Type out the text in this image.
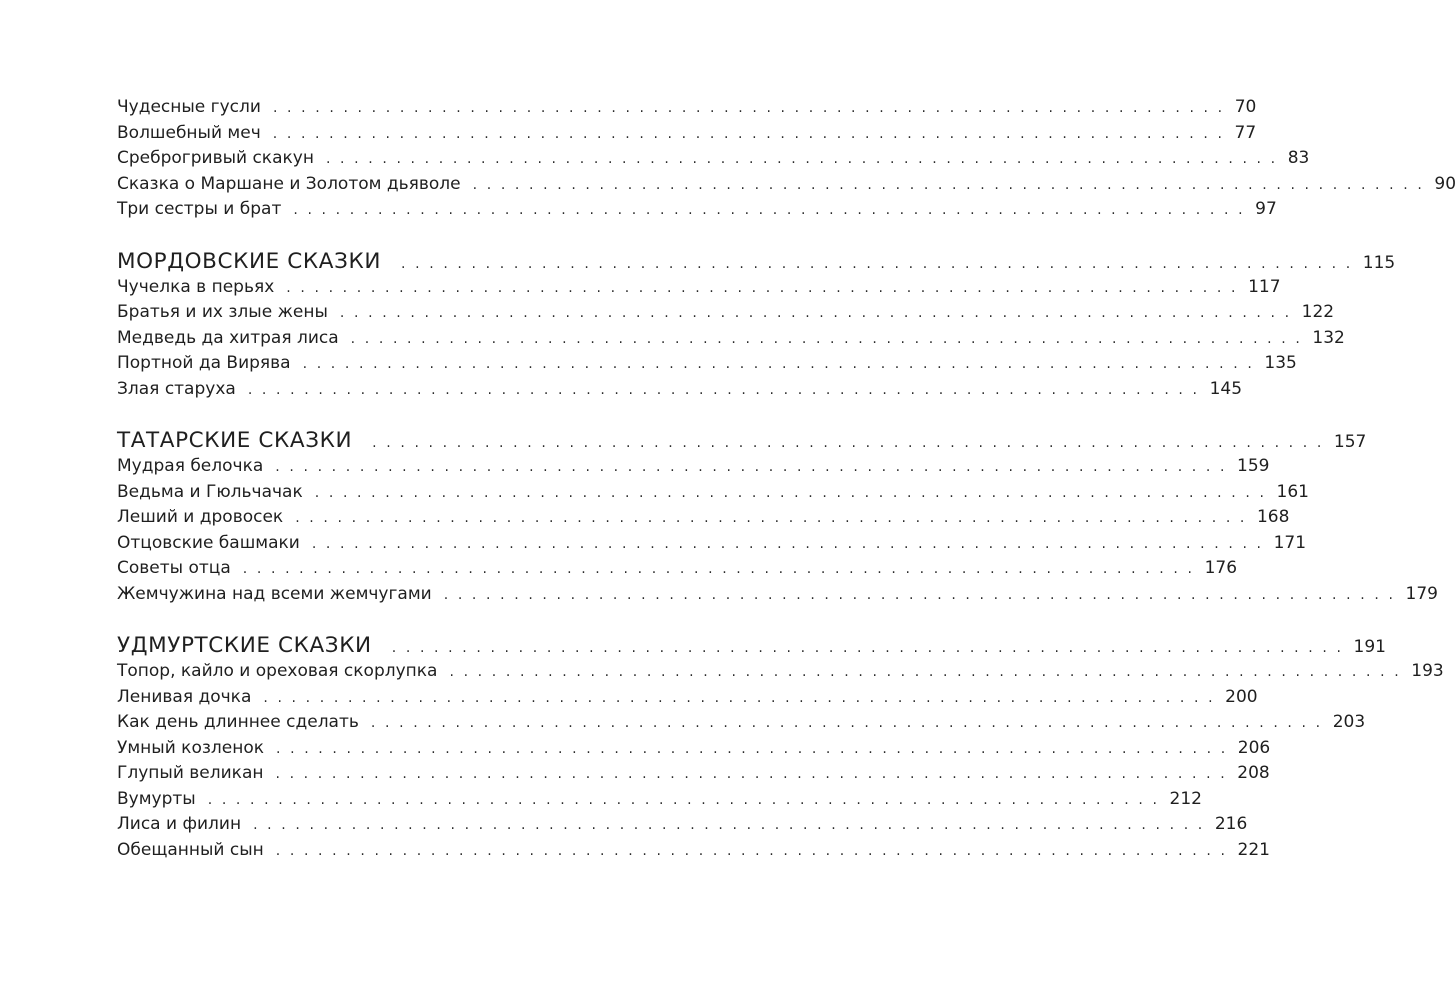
Чудесные гусли . . . . . . . . . . . . . . . . . . . . . . . . . . . . . . . . . . . . . . . . . . . . . . . . . . . . . . . . . . . . . . . . . . . . 70
Волшебный меч . . . . . . . . . . . . . . . . . . . . . . . . . . . . . . . . . . . . . . . . . . . . . . . . . . . . . . . . . . . . . . . . . . . . 77
Среброгривый скакун . . . . . . . . . . . . . . . . . . . . . . . . . . . . . . . . . . . . . . . . . . . . . . . . . . . . . . . . . . . . . . . . . . . . 83
Сказка о Маршане и Золотом дьяволе . . . . . . . . . . . . . . . . . . . . . . . . . . . . . . . . . . . . . . . . . . . . . . . . . . . . . . . . . . . . . . . . . . . . 90
Три сестры и брат . . . . . . . . . . . . . . . . . . . . . . . . . . . . . . . . . . . . . . . . . . . . . . . . . . . . . . . . . . . . . . . . . . . . 97
МОРДОВСКИЕ СКАЗКИ . . . . . . . . . . . . . . . . . . . . . . . . . . . . . . . . . . . . . . . . . . . . . . . . . . . . . . . . . . . . . . . . . . . . 115
Чучелка в перьях . . . . . . . . . . . . . . . . . . . . . . . . . . . . . . . . . . . . . . . . . . . . . . . . . . . . . . . . . . . . . . . . . . . . 117
Братья и их злые жены . . . . . . . . . . . . . . . . . . . . . . . . . . . . . . . . . . . . . . . . . . . . . . . . . . . . . . . . . . . . . . . . . . . . 122
Медведь да хитрая лиса . . . . . . . . . . . . . . . . . . . . . . . . . . . . . . . . . . . . . . . . . . . . . . . . . . . . . . . . . . . . . . . . . . . . 132
Портной да Вирява . . . . . . . . . . . . . . . . . . . . . . . . . . . . . . . . . . . . . . . . . . . . . . . . . . . . . . . . . . . . . . . . . . . . 135
Злая старуха . . . . . . . . . . . . . . . . . . . . . . . . . . . . . . . . . . . . . . . . . . . . . . . . . . . . . . . . . . . . . . . . . . . . 145
ТАТАРСКИЕ СКАЗКИ . . . . . . . . . . . . . . . . . . . . . . . . . . . . . . . . . . . . . . . . . . . . . . . . . . . . . . . . . . . . . . . . . . . . 157
Мудрая белочка . . . . . . . . . . . . . . . . . . . . . . . . . . . . . . . . . . . . . . . . . . . . . . . . . . . . . . . . . . . . . . . . . . . . 159
Ведьма и Гюльчачак . . . . . . . . . . . . . . . . . . . . . . . . . . . . . . . . . . . . . . . . . . . . . . . . . . . . . . . . . . . . . . . . . . . . 161
Леший и дровосек . . . . . . . . . . . . . . . . . . . . . . . . . . . . . . . . . . . . . . . . . . . . . . . . . . . . . . . . . . . . . . . . . . . . 168
Отцовские башмаки . . . . . . . . . . . . . . . . . . . . . . . . . . . . . . . . . . . . . . . . . . . . . . . . . . . . . . . . . . . . . . . . . . . . 171
Советы отца . . . . . . . . . . . . . . . . . . . . . . . . . . . . . . . . . . . . . . . . . . . . . . . . . . . . . . . . . . . . . . . . . . . . 176
Жемчужина над всеми жемчугами . . . . . . . . . . . . . . . . . . . . . . . . . . . . . . . . . . . . . . . . . . . . . . . . . . . . . . . . . . . . . . . . . . . . 179
УДМУРТСКИЕ СКАЗКИ . . . . . . . . . . . . . . . . . . . . . . . . . . . . . . . . . . . . . . . . . . . . . . . . . . . . . . . . . . . . . . . . . . . . 191
Топор, кайло и ореховая скорлупка . . . . . . . . . . . . . . . . . . . . . . . . . . . . . . . . . . . . . . . . . . . . . . . . . . . . . . . . . . . . . . . . . . . . 193
Ленивая дочка . . . . . . . . . . . . . . . . . . . . . . . . . . . . . . . . . . . . . . . . . . . . . . . . . . . . . . . . . . . . . . . . . . . . 200
Как день длиннее сделать . . . . . . . . . . . . . . . . . . . . . . . . . . . . . . . . . . . . . . . . . . . . . . . . . . . . . . . . . . . . . . . . . . . . 203
Умный козленок . . . . . . . . . . . . . . . . . . . . . . . . . . . . . . . . . . . . . . . . . . . . . . . . . . . . . . . . . . . . . . . . . . . . 206
Глупый великан . . . . . . . . . . . . . . . . . . . . . . . . . . . . . . . . . . . . . . . . . . . . . . . . . . . . . . . . . . . . . . . . . . . . 208
Вумурты . . . . . . . . . . . . . . . . . . . . . . . . . . . . . . . . . . . . . . . . . . . . . . . . . . . . . . . . . . . . . . . . . . . . 212
Лиса и филин . . . . . . . . . . . . . . . . . . . . . . . . . . . . . . . . . . . . . . . . . . . . . . . . . . . . . . . . . . . . . . . . . . . . 216
Обещанный сын . . . . . . . . . . . . . . . . . . . . . . . . . . . . . . . . . . . . . . . . . . . . . . . . . . . . . . . . . . . . . . . . . . . . 221
